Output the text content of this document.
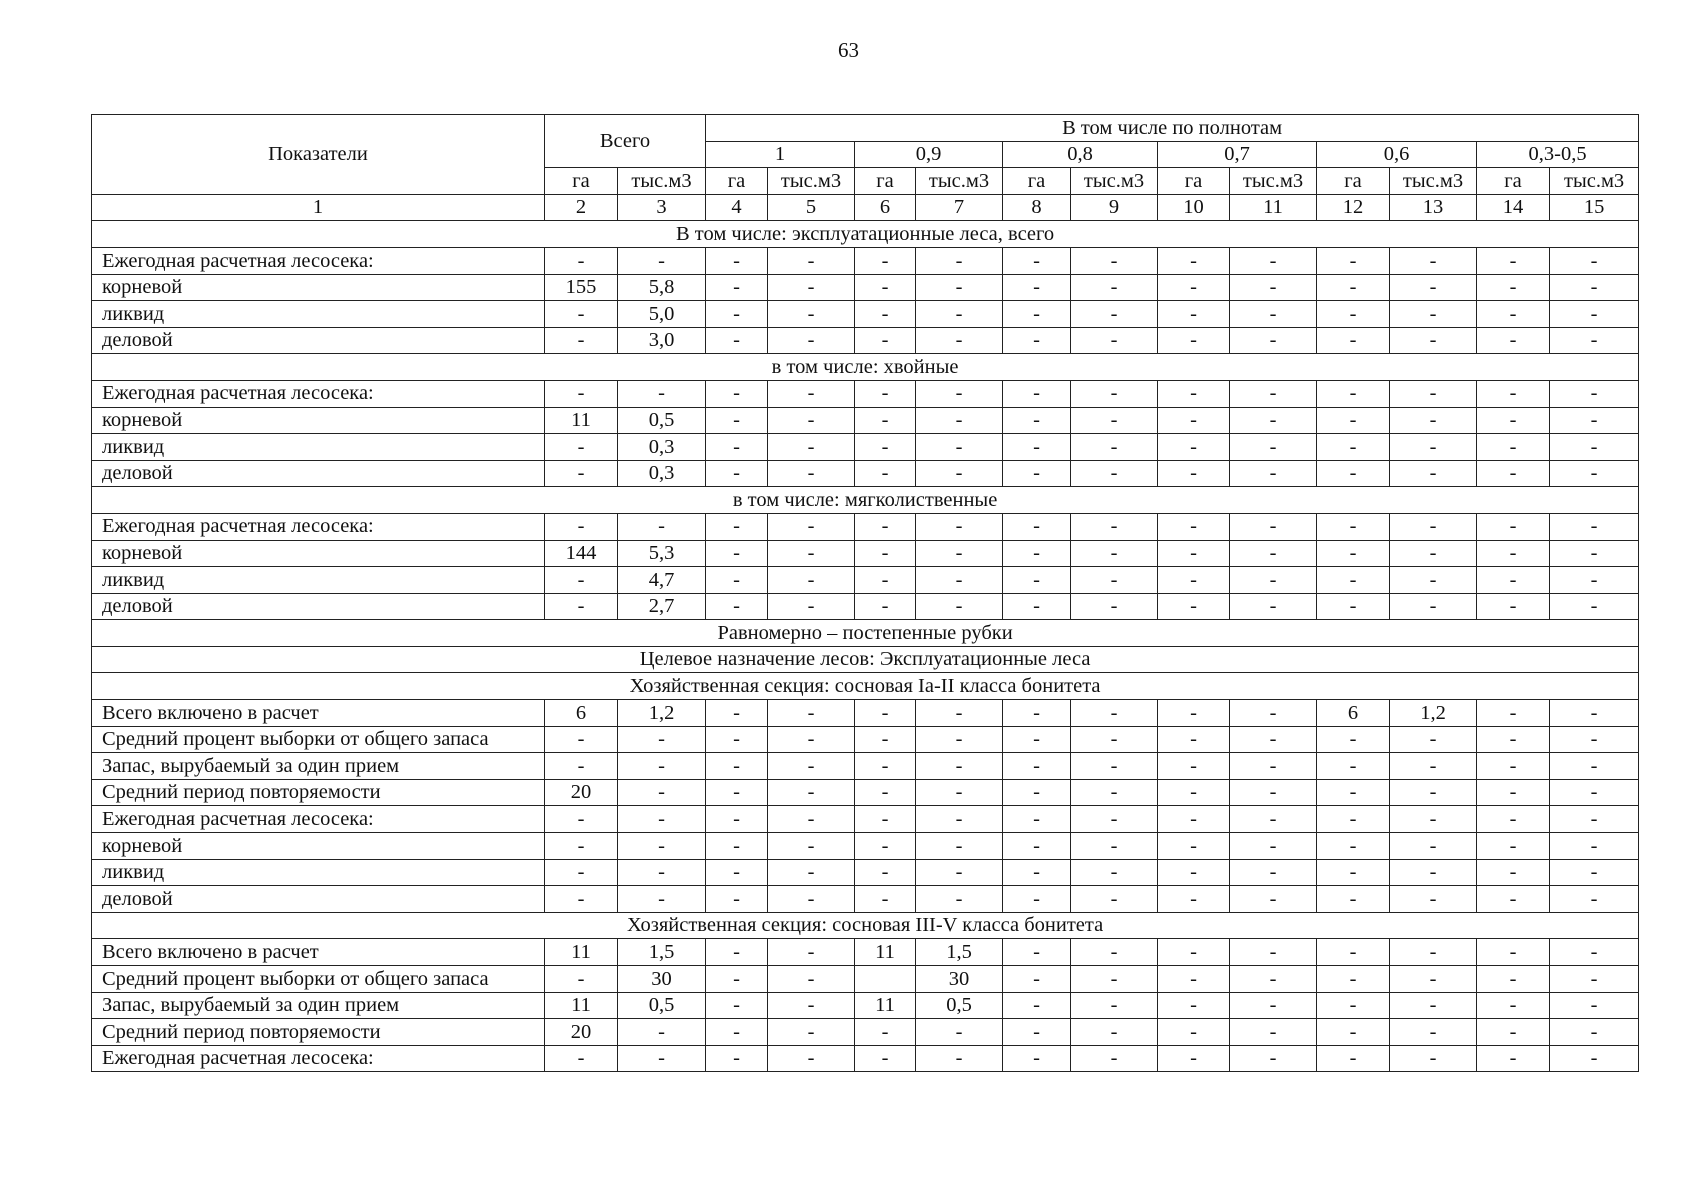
63
Показатели	Всего		В том числе по полнотам											
			1		0,9		0,8		0,7		0,6		0,3-0,5	
	га	тыс.м3	га	тыс.м3	га	тыс.м3	га	тыс.м3	га	тыс.м3	га	тыс.м3	га	тыс.м3
1	2	3	4	5	6	7	8	9	10	11	12	13	14	15
В том числе: эксплуатационные леса, всего														
Ежегодная расчетная лесосека:	-	-	-	-	-	-	-	-	-	-	-	-	-	-
корневой	155	5,8	-	-	-	-	-	-	-	-	-	-	-	-
ликвид	-	5,0	-	-	-	-	-	-	-	-	-	-	-	-
деловой	-	3,0	-	-	-	-	-	-	-	-	-	-	-	-
в том числе: хвойные														
Ежегодная расчетная лесосека:	-	-	-	-	-	-	-	-	-	-	-	-	-	-
корневой	11	0,5	-	-	-	-	-	-	-	-	-	-	-	-
ликвид	-	0,3	-	-	-	-	-	-	-	-	-	-	-	-
деловой	-	0,3	-	-	-	-	-	-	-	-	-	-	-	-
в том числе: мягколиственные														
Ежегодная расчетная лесосека:	-	-	-	-	-	-	-	-	-	-	-	-	-	-
корневой	144	5,3	-	-	-	-	-	-	-	-	-	-	-	-
ликвид	-	4,7	-	-	-	-	-	-	-	-	-	-	-	-
деловой	-	2,7	-	-	-	-	-	-	-	-	-	-	-	-
Равномерно – постепенные рубки														
Целевое назначение лесов: Эксплуатационные леса														
Хозяйственная секция: сосновая Ia-II класса бонитета														
Всего включено в расчет	6	1,2	-	-	-	-	-	-	-	-	6	1,2	-	-
Средний процент выборки от общего запаса	-	-	-	-	-	-	-	-	-	-	-	-	-	-
Запас, вырубаемый за один прием	-	-	-	-	-	-	-	-	-	-	-	-	-	-
Средний период повторяемости	20	-	-	-	-	-	-	-	-	-	-	-	-	-
Ежегодная расчетная лесосека:	-	-	-	-	-	-	-	-	-	-	-	-	-	-
корневой	-	-	-	-	-	-	-	-	-	-	-	-	-	-
ликвид	-	-	-	-	-	-	-	-	-	-	-	-	-	-
деловой	-	-	-	-	-	-	-	-	-	-	-	-	-	-
Хозяйственная секция: сосновая III-V класса бонитета														
Всего включено в расчет	11	1,5	-	-	11	1,5	-	-	-	-	-	-	-	-
Средний процент выборки от общего запаса	-	30	-	-		30	-	-	-	-	-	-	-	-
Запас, вырубаемый за один прием	11	0,5	-	-	11	0,5	-	-	-	-	-	-	-	-
Средний период повторяемости	20	-	-	-	-	-	-	-	-	-	-	-	-	-
Ежегодная расчетная лесосека:	-	-	-	-	-	-	-	-	-	-	-	-	-	-
